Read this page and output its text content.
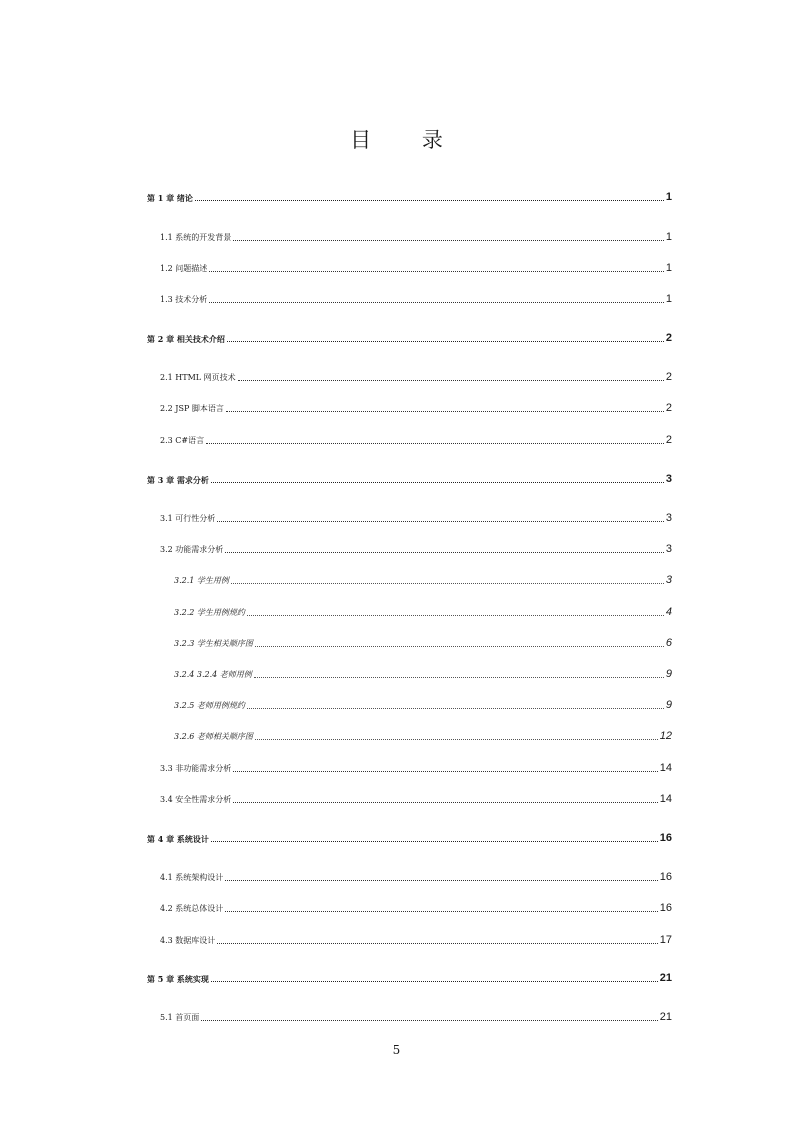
目 录
第 1 章 绪论	1
1.1 系统的开发背景	1
1.2 问题描述	1
1.3 技术分析	1
第 2 章 相关技术介绍	2
2.1 HTML 网页技术	2
2.2 JSP 脚本语言	2
2.3 C#语言	2
第 3 章 需求分析	3
3.1 可行性分析	3
3.2 功能需求分析	3
3.2.1 学生用例	3
3.2.2 学生用例规约	4
3.2.3 学生相关顺序图	6
3.2.4 3.2.4 老师用例	9
3.2.5 老师用例规约	9
3.2.6 老师相关顺序图	12
3.3 非功能需求分析	14
3.4 安全性需求分析	14
第 4 章 系统设计	16
4.1 系统架构设计	16
4.2 系统总体设计	16
4.3 数据库设计	17
第 5 章 系统实现	21
5.1 首页面	21
5
